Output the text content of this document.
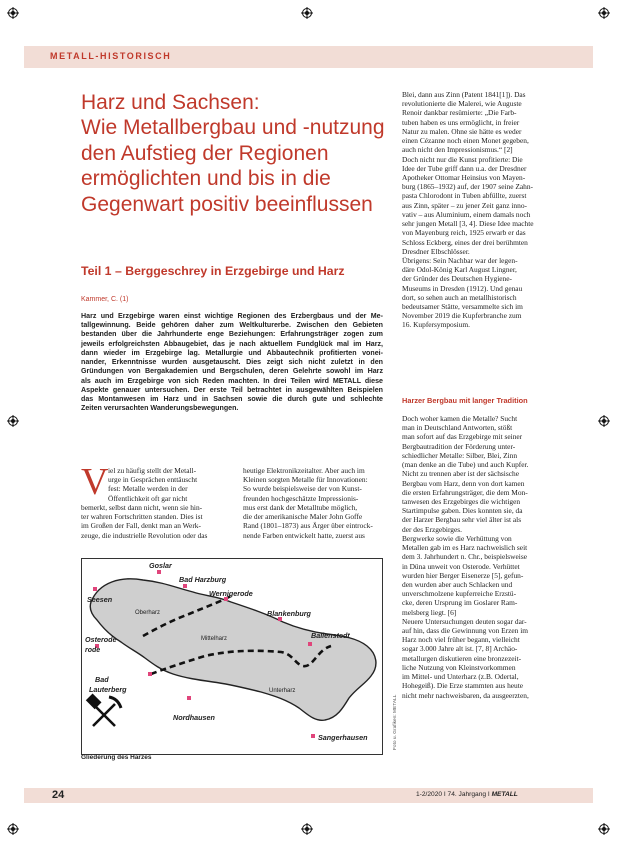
METALL-HISTORISCH
Harz und Sachsen:
Wie Metallbergbau und -nutzung
den Aufstieg der Regionen
ermöglichten und bis in die
Gegenwart positiv beeinflussen
Teil 1 – Berggeschrey in Erzgebirge und Harz
Kammer, C. (1)
Harz und Erzgebirge waren einst wichtige Regionen des Erzbergbaus und der Me-
tallgewinnung. Beide gehören daher zum Weltkulturerbe. Zwischen den Gebieten
bestanden über die Jahrhunderte enge Beziehungen: Erfahrungsträger zogen zum
jeweils erfolgreichsten Abbaugebiet, das je nach aktuellem Fundglück mal im Harz,
dann wieder im Erzgebirge lag. Metallurgie und Abbautechnik profitierten vonei-
nander, Erkenntnisse wurden ausgetauscht. Dies zeigt sich nicht zuletzt in den
Gründungen von Bergakademien und Bergschulen, deren Gelehrte sowohl im Harz
als auch im Erzgebirge von sich Reden machten. In drei Teilen wird METALL diese
Aspekte genauer untersuchen. Der erste Teil betrachtet in ausgewählten Beispielen
das Montanwesen im Harz und in Sachsen sowie die durch gute und schlechte
Zeiten verursachten Wanderungsbewegungen.
V iel zu häufig stellt der Metall-
urge in Gesprächen enttäuscht
fest: Metalle werden in der
Öffentlichkeit oft gar nicht
bemerkt, selbst dann nicht, wenn sie hin-
ter wahren Fortschritten standen. Dies ist
im Großen der Fall, denkt man an Werk-
zeuge, die industrielle Revolution oder das
heutige Elektronikzeitalter. Aber auch im
Kleinen sorgten Metalle für Innovationen:
So wurde beispielsweise der von Kunst-
freunden hochgeschätzte Impressionis-
mus erst dank der Metalltube möglich,
die der amerikanische Maler John Goffe
Rand (1801–1873) aus Ärger über eintrock-
nende Farben entwickelt hatte, zuerst aus
Blei, dann aus Zinn (Patent 1841[1]). Das
revolutionierte die Malerei, wie Auguste
Renoir dankbar resümierte: „Die Farb-
tuben haben es uns ermöglicht, in freier
Natur zu malen. Ohne sie hätte es weder
einen Cézanne noch einen Monet gegeben,
auch nicht den Impressionismus.“ [2]
Doch nicht nur die Kunst profitierte: Die
Idee der Tube griff dann u.a. der Dresdner
Apotheker Ottomar Heinsius von Mayen-
burg (1865–1932) auf, der 1907 seine Zahn-
pasta Chlorodont in Tuben abfüllte, zuerst
aus Zinn, später – zu jener Zeit ganz inno-
vativ – aus Aluminium, einem damals noch
sehr jungen Metall [3, 4]. Diese Idee machte
von Mayenburg reich, 1925 erwarb er das
Schloss Eckberg, eines der drei berühmten
Dresdner Elbschlösser.
Übrigens: Sein Nachbar war der legen-
däre Odol-König Karl August Lingner,
der Gründer des Deutschen Hygiene-
Museums in Dresden (1912). Und genau
dort, so sehen auch an metallhistorisch
bedeutsamer Stätte, versammelte sich im
November 2019 die Kupferbranche zum
16. Kupfersymposium.
Harzer Bergbau mit langer Tradition
Doch woher kamen die Metalle? Sucht
man in Deutschland Antworten, stößt
man sofort auf das Erzgebirge mit seiner
Bergbautradition der Förderung unter-
schiedlicher Metalle: Silber, Blei, Zinn
(man denke an die Tube) und auch Kupfer.
Nicht zu trennen aber ist der sächsische
Bergbau vom Harz, denn von dort kamen
die ersten Erfahrungsträger, die dem Mon-
tanwesen des Erzgebirges die wichtigen
Startimpulse gaben. Dies konnten sie, da
der Harzer Bergbau sehr viel älter ist als
der des Erzgebirges.
Bergwerke sowie die Verhüttung von
Metallen gab im es Harz nachweislich seit
dem 3. Jahrhundert n. Chr., beispielsweise
in Düna unweit von Osterode. Verhüttet
wurden hier Berger Eisenerze [5], gefun-
den wurden aber auch Schlacken und
unverschmolzene kupferreiche Erzstü-
cke, deren Ursprung im Goslarer Ram-
melsberg liegt. [6]
Neuere Untersuchungen deuten sogar dar-
auf hin, dass die Gewinnung von Erzen im
Harz noch viel früher begann, vielleicht
sogar 3.000 Jahre alt ist. [7, 8] Archäo-
metallurgen diskutieren eine bronzezeit-
liche Nutzung von Kleinstvorkommen
im Mittel- und Unterharz (z.B. Odertal,
Hohegeiß). Die Erze stammten aus heute
nicht mehr nachweisbaren, da ausgeerzten,
Goslar
Bad Harzburg
Seesen
Wernigerode
Blankenburg
Osterode	Ballenstedt
Nordhausen
Sangerhausen
rode
Bad
Lauterberg
Oberharz
Mittelharz
Unterharz
Foto u. Grafiken: METALL
Gliederung des Harzes
24	1-2/2020 I 74. Jahrgang I METALL
